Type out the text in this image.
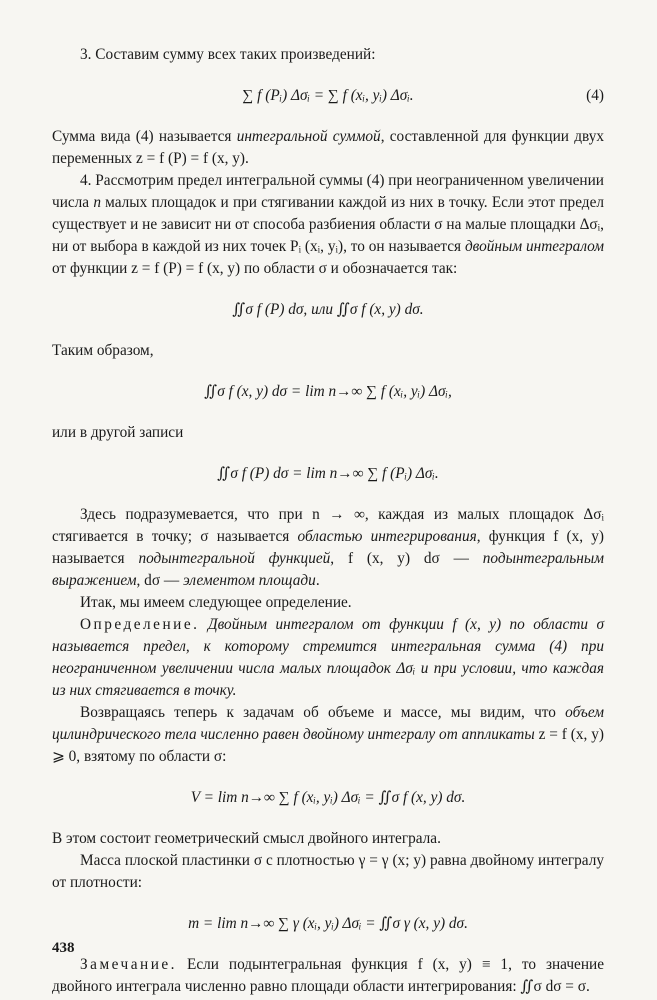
3. Составим сумму всех таких произведений:

∑ f (Pᵢ) Δσᵢ = ∑ f (xᵢ, yᵢ) Δσᵢ.	(4)

Сумма вида (4) называется интегральной суммой, составленной для функции двух переменных z = f (P) = f (x, y).

4. Рассмотрим предел интегральной суммы (4) при неограниченном увеличении числа n малых площадок и при стягивании каждой из них в точку. Если этот предел существует и не зависит ни от способа разбиения области σ на малые площадки Δσᵢ, ни от выбора в каждой из них точек Pᵢ (xᵢ, yᵢ), то он называется двойным интегралом от функции z = f (P) = f (x, y) по области σ и обозначается так:

∬σ f (P) dσ, или ∬σ f (x, y) dσ.

Таким образом,

∬σ f (x, y) dσ = lim n→∞ ∑ f (xᵢ, yᵢ) Δσᵢ,

или в другой записи

∬σ f (P) dσ = lim n→∞ ∑ f (Pᵢ) Δσᵢ.

Здесь подразумевается, что при n → ∞, каждая из малых площадок Δσᵢ стягивается в точку; σ называется областью интегрирования, функция f (x, y) называется подынтегральной функцией, f (x, y) dσ — подынтегральным выражением, dσ — элементом площади.

Итак, мы имеем следующее определение.

Определение. Двойным интегралом от функции f (x, y) по области σ называется предел, к которому стремится интегральная сумма (4) при неограниченном увеличении числа малых площадок Δσᵢ и при условии, что каждая из них стягивается в точку.

Возвращаясь теперь к задачам об объеме и массе, мы видим, что объем цилиндрического тела численно равен двойному интегралу от аппликаты z = f (x, y) ⩾ 0, взятому по области σ:

V = lim n→∞ ∑ f (xᵢ, yᵢ) Δσᵢ = ∬σ f (x, y) dσ.

В этом состоит геометрический смысл двойного интеграла.

Масса плоской пластинки σ с плотностью γ = γ (x; y) равна двойному интегралу от плотности:

m = lim n→∞ ∑ γ (xᵢ, yᵢ) Δσᵢ = ∬σ γ (x, y) dσ.

Замечание. Если подынтегральная функция f (x, y) ≡ 1, то значение двойного интеграла численно равно площади области интегрирования: ∬σ dσ = σ.

438
